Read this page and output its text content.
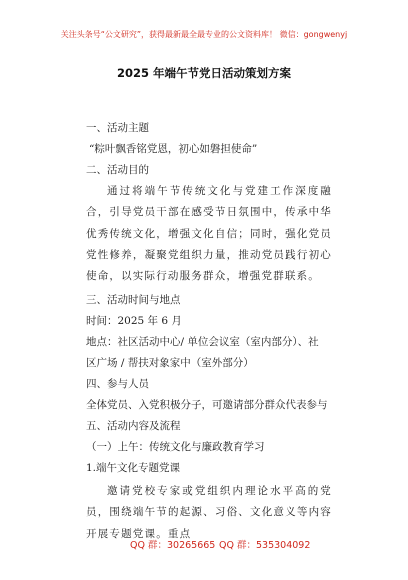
关注头条号“公文研究”，获得最新最全最专业的公文资料库！ 微信：gongwenyj
2025 年端午节党日活动策划方案
一、活动主题
“粽叶飘香铭党恩，初心如磐担使命”
二、活动目的
通过将端午节传统文化与党建工作深度融合，引导党员干部在感受节日氛围中，传承中华优秀传统文化，增强文化自信；同时，强化党员党性修养，凝聚党组织力量，推动党员践行初心使命，以实际行动服务群众，增强党群联系。
三、活动时间与地点
时间：2025 年 6 月
地点：社区活动中心/ 单位会议室（室内部分）、社
区广场 / 帮扶对象家中（室外部分）
四、参与人员
全体党员、入党积极分子，可邀请部分群众代表参与
五、活动内容及流程
（一）上午：传统文化与廉政教育学习
1.端午文化专题党课
邀请党校专家或党组织内理论水平高的党员，围绕端午节的起源、习俗、文化意义等内容开展专题党课。重点
QQ 群：30265665 QQ 群：535304092
